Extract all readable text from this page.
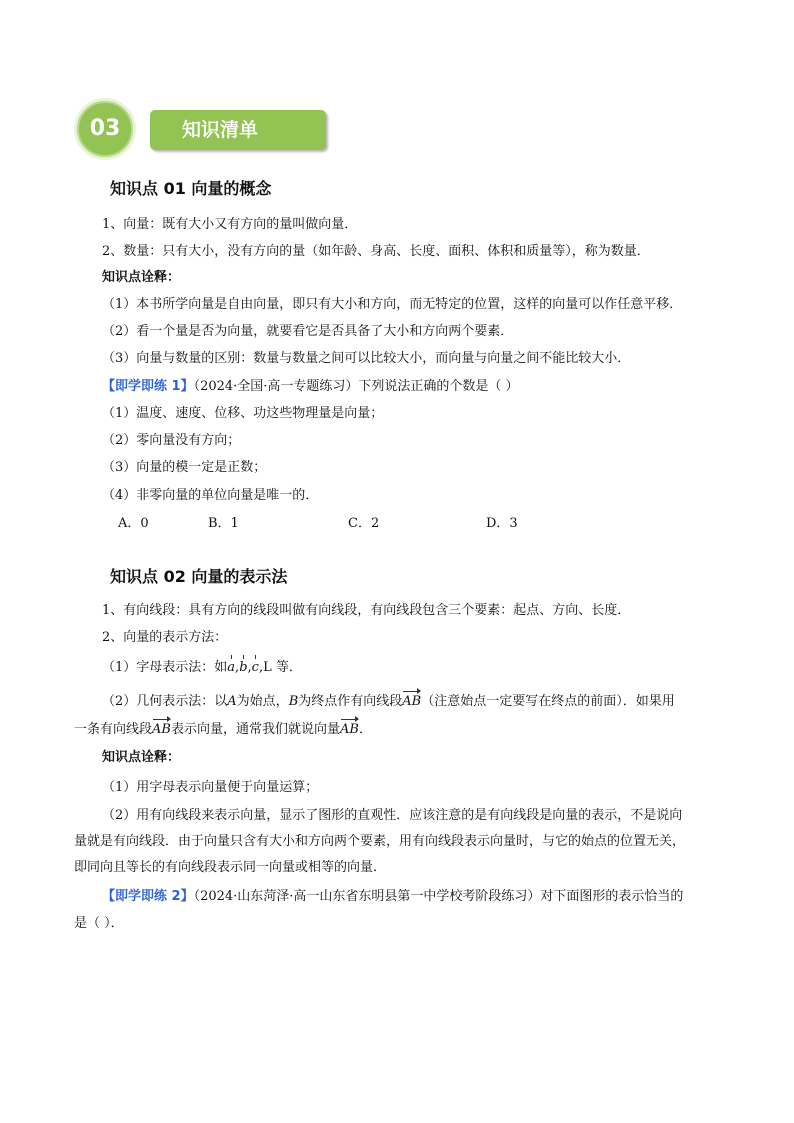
03	知识清单
知识点 01 向量的概念
1、向量：既有大小又有方向的量叫做向量．
2、数量：只有大小，没有方向的量（如年龄、身高、长度、面积、体积和质量等），称为数量．
知识点诠释：
（1）本书所学向量是自由向量，即只有大小和方向，而无特定的位置，这样的向量可以作任意平移．
（2）看一个量是否为向量，就要看它是否具备了大小和方向两个要素．
（3）向量与数量的区别：数量与数量之间可以比较大小，而向量与向量之间不能比较大小．
【即学即练 1】（2024·全国·高一专题练习）下列说法正确的个数是（ ）
（1）温度、速度、位移、功这些物理量是向量；
（2）零向量没有方向；
（3）向量的模一定是正数；
（4）非零向量的单位向量是唯一的．
A．0	B．1	C．2	D．3
知识点 02 向量的表示法
1、有向线段：具有方向的线段叫做有向线段，有向线段包含三个要素：起点、方向、长度．
2、向量的表示方法：
（1）字母表示法：如a,b,c,L 等．
（2）几何表示法：以A为始点，B为终点作有向线段AB（注意始点一定要写在终点的前面）．如果用
一条有向线段AB表示向量，通常我们就说向量AB．
知识点诠释：
（1）用字母表示向量便于向量运算；
（2）用有向线段来表示向量，显示了图形的直观性．应该注意的是有向线段是向量的表示，不是说向
量就是有向线段．由于向量只含有大小和方向两个要素，用有向线段表示向量时，与它的始点的位置无关，
即同向且等长的有向线段表示同一向量或相等的向量．
【即学即练 2】（2024·山东菏泽·高一山东省东明县第一中学校考阶段练习）对下面图形的表示恰当的
是（ ）．
